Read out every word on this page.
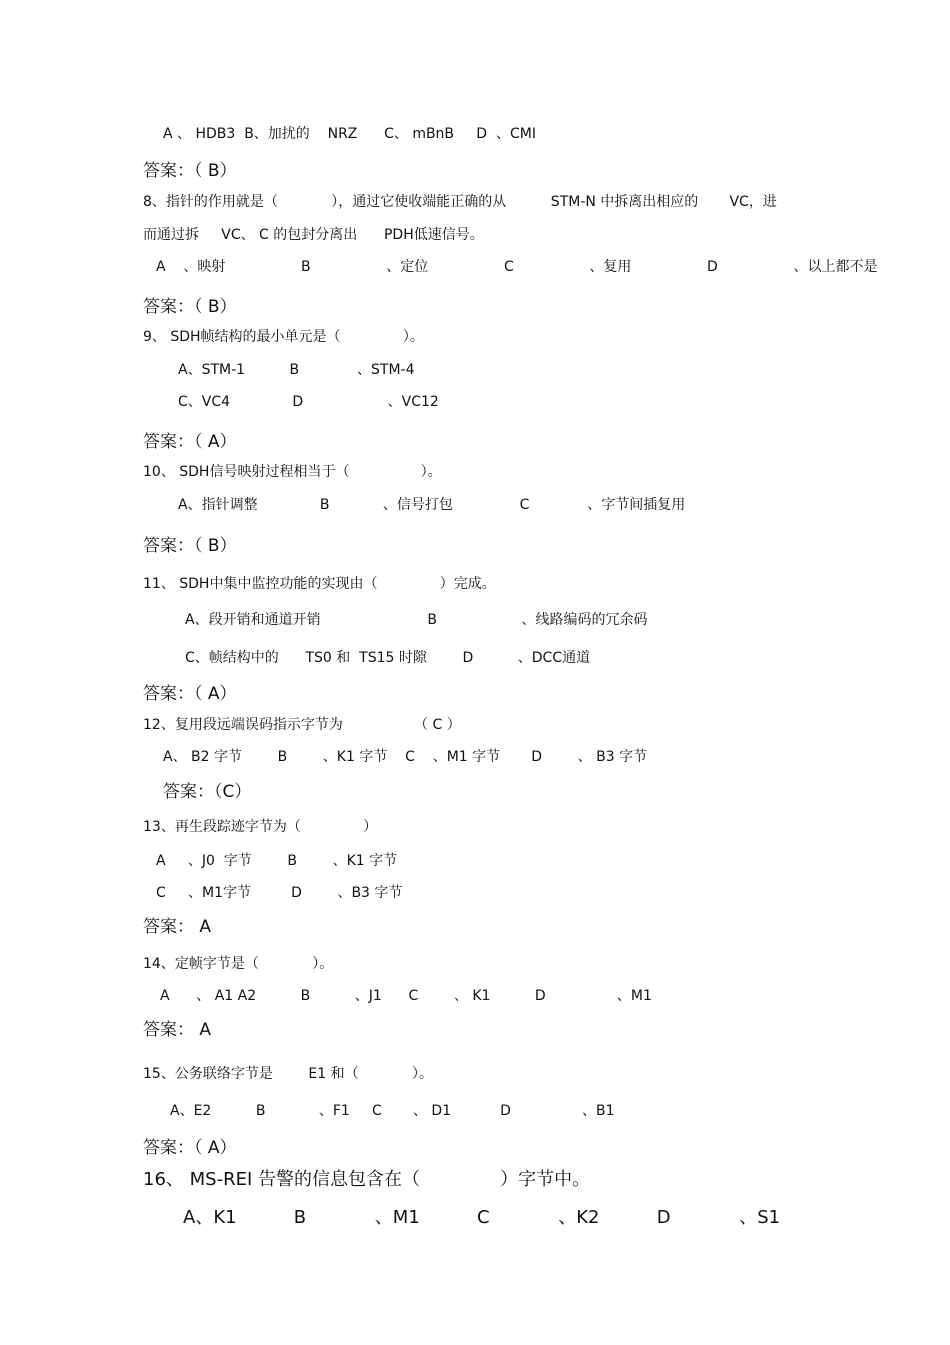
A 、 HDB3  B、加扰的    NRZ      C、 mBnB     D  、CMI
答案：（ B）
8、指针的作用就是（            ），通过它使收端能正确的从          STM-N 中拆离出相应的       VC，进
而通过拆     VC、 C 的包封分离出      PDH低速信号。
A    、映射                 B                 、定位                 C                 、复用                 D                 、以上都不是
答案：（ B）
9、 SDH帧结构的最小单元是（              ）。
A、STM-1          B             、STM-4
C、VC4              D                   、VC12
答案：（ A）
10、 SDH信号映射过程相当于（                ）。
A、指针调整              B            、信号打包               C             、字节间插复用
答案：（ B）
11、 SDH中集中监控功能的实现由（              ）完成。
A、段开销和通道开销                        B                   、线路编码的冗余码
C、帧结构中的      TS0 和  TS15 时隙        D          、DCC通道
答案：（ A）
12、复用段远端误码指示字节为                （ C ）
A、 B2 字节        B        、K1 字节    C    、M1 字节       D        、 B3 字节
答案：（C）
13、再生段踪迹字节为（              ）
A     、J0  字节        B        、K1 字节
C     、M1字节         D        、B3 字节
答案： A
14、定帧字节是（            ）。
A      、 A1 A2          B          、J1      C        、 K1          D                、M1
答案： A
15、公务联络字节是        E1 和（            ）。
A、E2          B            、F1     C       、 D1           D                、B1
答案：（ A）
16、 MS-REI 告警的信息包含在（              ）字节中。
A、K1          B            、M1          C            、K2          D            、S1
